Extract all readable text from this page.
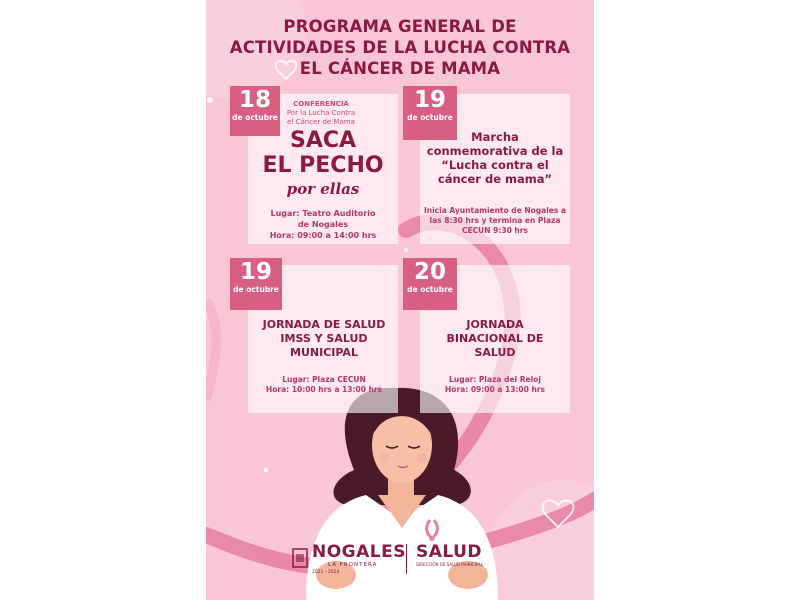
PROGRAMA GENERAL DE
ACTIVIDADES DE LA LUCHA CONTRA
EL CÁNCER DE MAMA
18
de octubre
CONFERENCIA
Por la Lucha Contra
el Cáncer de Mama
SACA
EL PECHO
por ellas
Lugar: Teatro Auditorio
de Nogales
Hora: 09:00 a 14:00 hrs
19
de octubre
Marcha
conmemorativa de la
“Lucha contra el
cáncer de mama”
Inicia Ayuntamiento de Nogales a
las 8:30 hrs y termina en Plaza
CECUN 9:30 hrs
19
de octubre
JORNADA DE SALUD
IMSS Y SALUD
MUNICIPAL
Lugar: Plaza CECUN
Hora: 10:00 hrs a 13:00 hrs
20
de octubre
JORNADA
BINACIONAL DE
SALUD
Lugar: Plaza del Reloj
Hora: 09:00 a 13:00 hrs
NOGALES
LA FRONTERA
2021 - 2024
SALUD
DIRECCIÓN DE SALUD MUNICIPAL
